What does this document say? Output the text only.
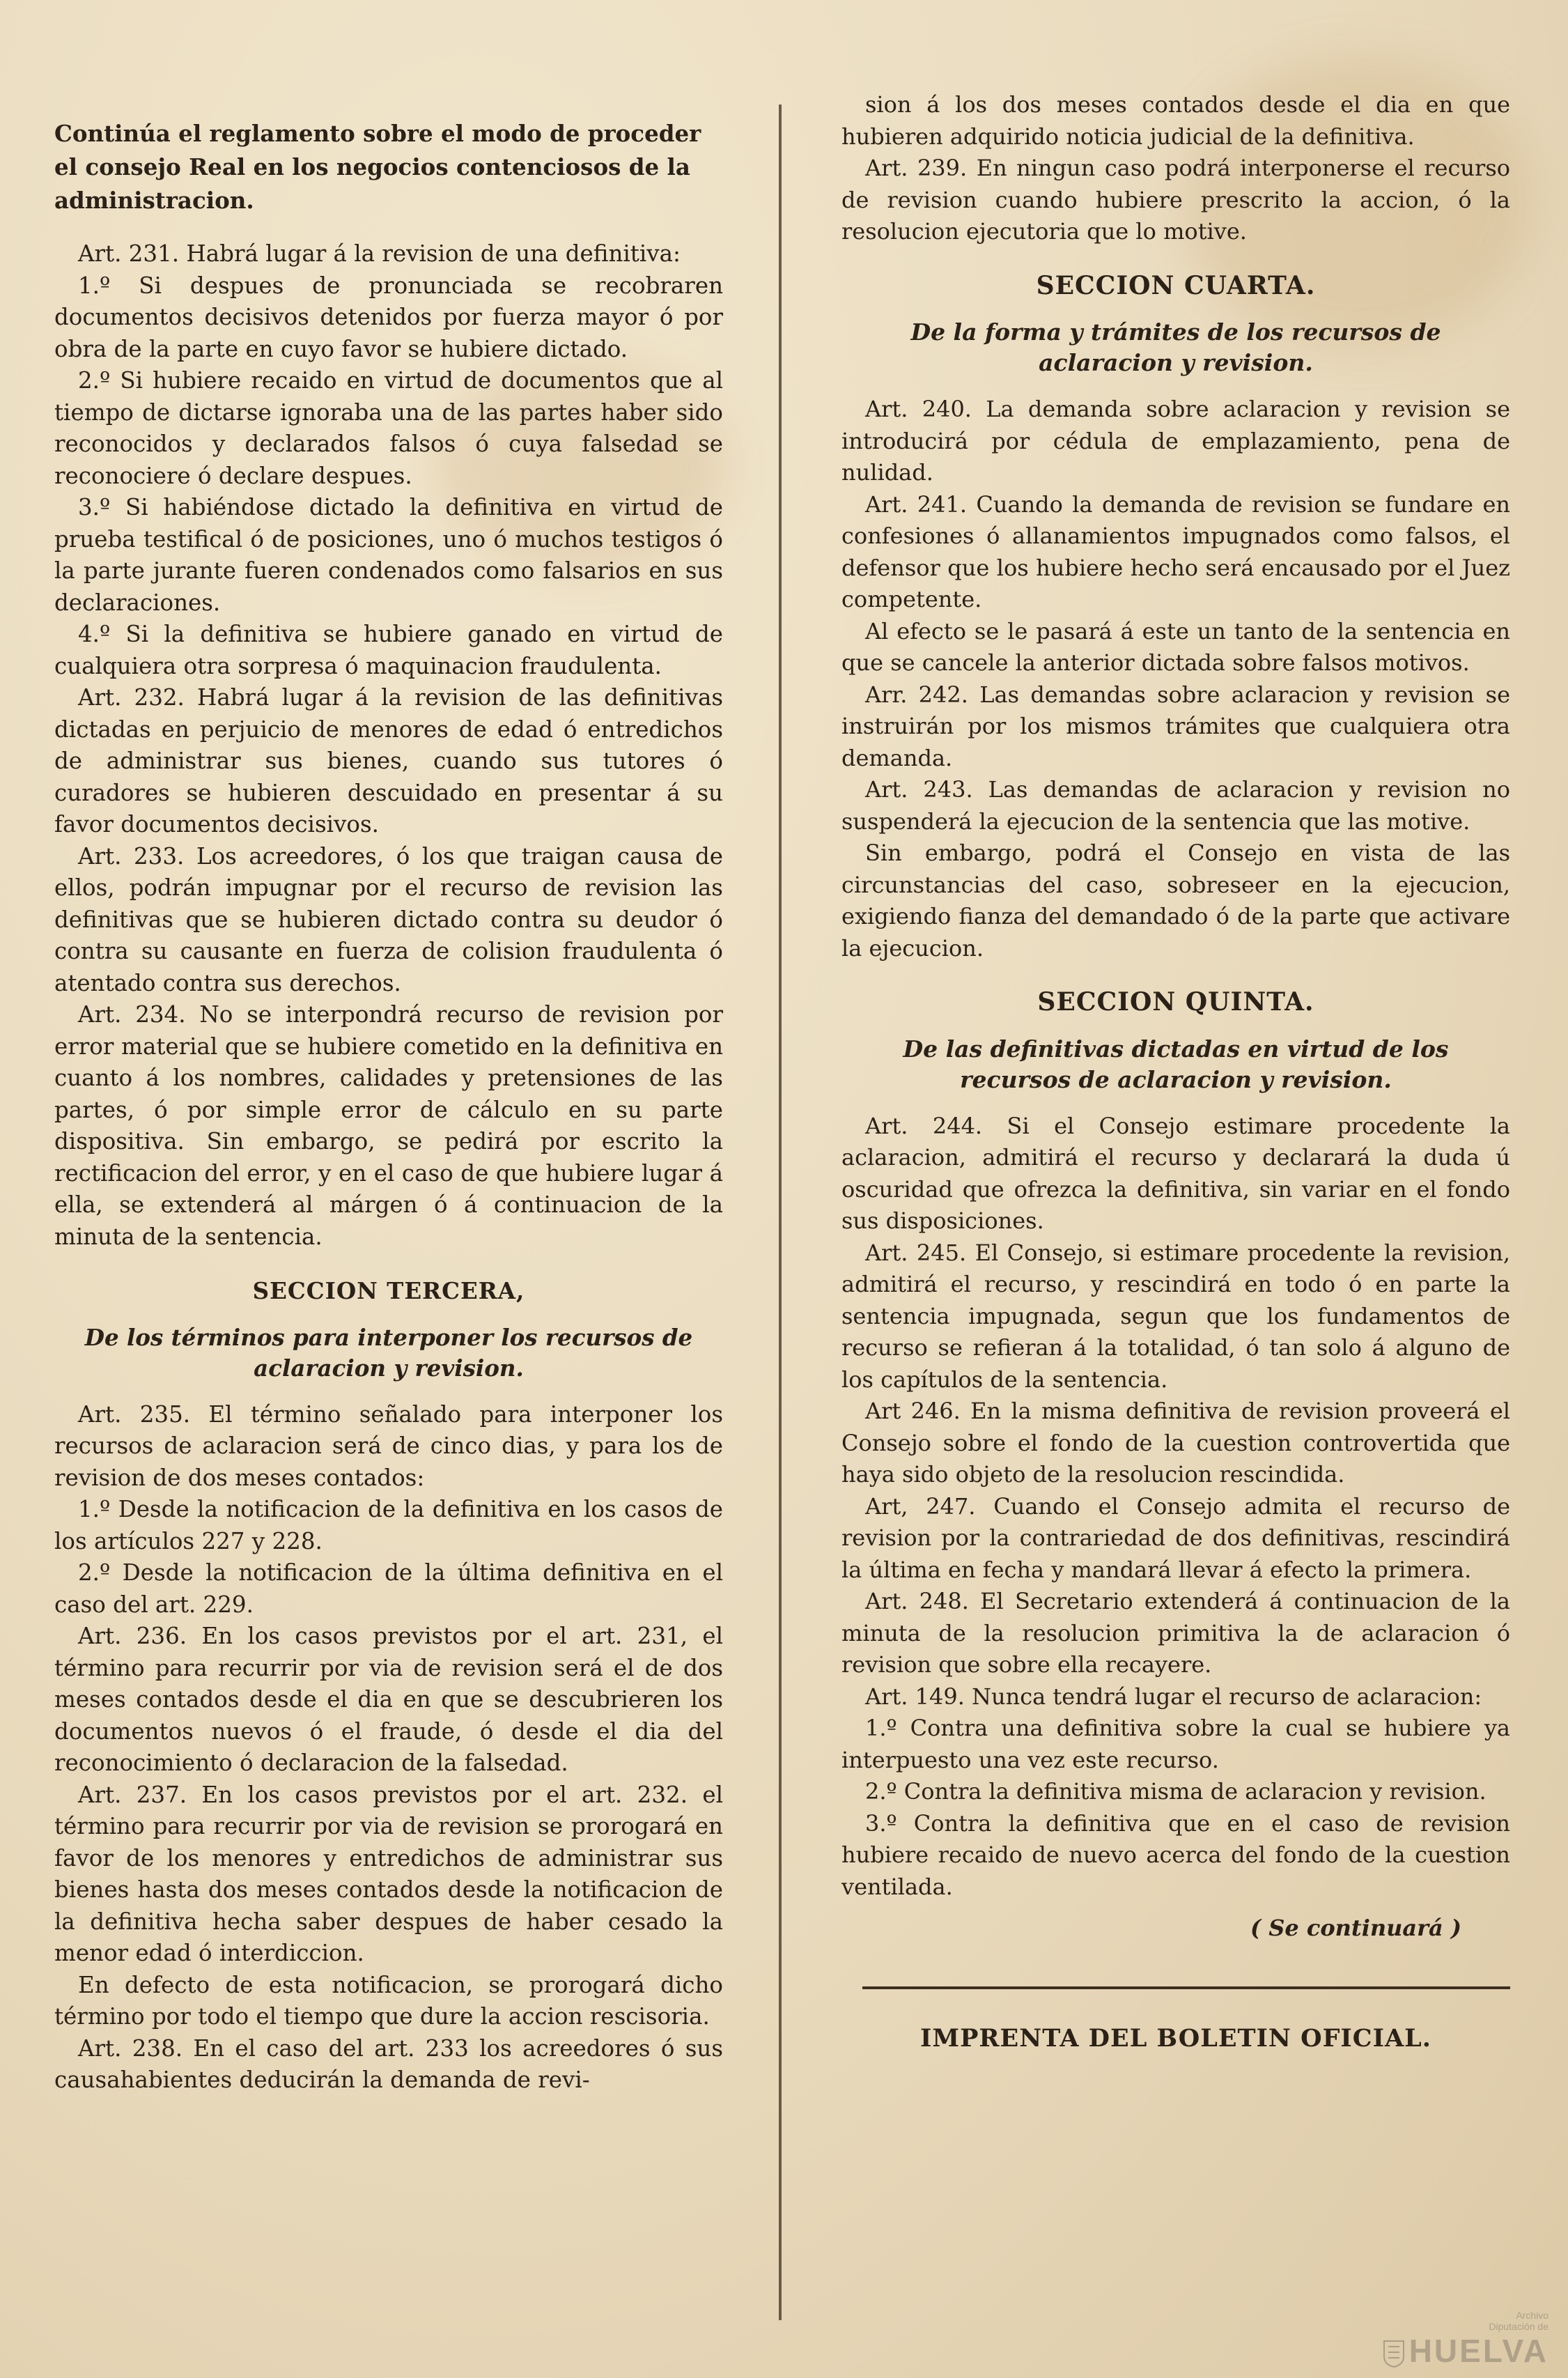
Continúa el reglamento sobre el modo de proceder el consejo Real en los negocios contenciosos de la administracion.

Art. 231. Habrá lugar á la revision de una definitiva:

1.º Si despues de pronunciada se recobraren documentos decisivos detenidos por fuerza mayor ó por obra de la parte en cuyo favor se hubiere dictado.

2.º Si hubiere recaido en virtud de documentos que al tiempo de dictarse ignoraba una de las partes haber sido reconocidos y declarados falsos ó cuya falsedad se reconociere ó declare despues.

3.º Si habiéndose dictado la definitiva en virtud de prueba testifical ó de posiciones, uno ó muchos testigos ó la parte jurante fueren condenados como falsarios en sus declaraciones.

4.º Si la definitiva se hubiere ganado en virtud de cualquiera otra sorpresa ó maquinacion fraudulenta.

Art. 232. Habrá lugar á la revision de las definitivas dictadas en perjuicio de menores de edad ó entredichos de administrar sus bienes, cuando sus tutores ó curadores se hubieren descuidado en presentar á su favor documentos decisivos.

Art. 233. Los acreedores, ó los que traigan causa de ellos, podrán impugnar por el recurso de revision las definitivas que se hubieren dictado contra su deudor ó contra su causante en fuerza de colision fraudulenta ó atentado contra sus derechos.

Art. 234. No se interpondrá recurso de revision por error material que se hubiere cometido en la definitiva en cuanto á los nombres, calidades y pretensiones de las partes, ó por simple error de cálculo en su parte dispositiva. Sin embargo, se pedirá por escrito la rectificacion del error, y en el caso de que hubiere lugar á ella, se extenderá al márgen ó á continuacion de la minuta de la sentencia.

SECCION TERCERA,

De los términos para interponer los recursos de aclaracion y revision.

Art. 235. El término señalado para interponer los recursos de aclaracion será de cinco dias, y para los de revision de dos meses contados:

1.º Desde la notificacion de la definitiva en los casos de los artículos 227 y 228.

2.º Desde la notificacion de la última definitiva en el caso del art. 229.

Art. 236. En los casos previstos por el art. 231, el término para recurrir por via de revision será el de dos meses contados desde el dia en que se descubrieren los documentos nuevos ó el fraude, ó desde el dia del reconocimiento ó declaracion de la falsedad.

Art. 237. En los casos previstos por el art. 232. el término para recurrir por via de revision se prorogará en favor de los menores y entredichos de administrar sus bienes hasta dos meses contados desde la notificacion de la definitiva hecha saber despues de haber cesado la menor edad ó interdiccion.

En defecto de esta notificacion, se prorogará dicho término por todo el tiempo que dure la accion rescisoria.

Art. 238. En el caso del art. 233 los acreedores ó sus causahabientes deducirán la demanda de revi-

sion á los dos meses contados desde el dia en que hubieren adquirido noticia judicial de la definitiva.

Art. 239. En ningun caso podrá interponerse el recurso de revision cuando hubiere prescrito la accion, ó la resolucion ejecutoria que lo motive.

SECCION CUARTA.

De la forma y trámites de los recursos de aclaracion y revision.

Art. 240. La demanda sobre aclaracion y revision se introducirá por cédula de emplazamiento, pena de nulidad.

Art. 241. Cuando la demanda de revision se fundare en confesiones ó allanamientos impugnados como falsos, el defensor que los hubiere hecho será encausado por el Juez competente.

Al efecto se le pasará á este un tanto de la sentencia en que se cancele la anterior dictada sobre falsos motivos.

Arr. 242. Las demandas sobre aclaracion y revision se instruirán por los mismos trámites que cualquiera otra demanda.

Art. 243. Las demandas de aclaracion y revision no suspenderá la ejecucion de la sentencia que las motive.

Sin embargo, podrá el Consejo en vista de las circunstancias del caso, sobreseer en la ejecucion, exigiendo fianza del demandado ó de la parte que activare la ejecucion.

SECCION QUINTA.

De las definitivas dictadas en virtud de los recursos de aclaracion y revision.

Art. 244. Si el Consejo estimare procedente la aclaracion, admitirá el recurso y declarará la duda ú oscuridad que ofrezca la definitiva, sin variar en el fondo sus disposiciones.

Art. 245. El Consejo, si estimare procedente la revision, admitirá el recurso, y rescindirá en todo ó en parte la sentencia impugnada, segun que los fundamentos de recurso se refieran á la totalidad, ó tan solo á alguno de los capítulos de la sentencia.

Art 246. En la misma definitiva de revision proveerá el Consejo sobre el fondo de la cuestion controvertida que haya sido objeto de la resolucion rescindida.

Art, 247. Cuando el Consejo admita el recurso de revision por la contrariedad de dos definitivas, rescindirá la última en fecha y mandará llevar á efecto la primera.

Art. 248. El Secretario extenderá á continuacion de la minuta de la resolucion primitiva la de aclaracion ó revision que sobre ella recayere.

Art. 149. Nunca tendrá lugar el recurso de aclaracion:

1.º Contra una definitiva sobre la cual se hubiere ya interpuesto una vez este recurso.

2.º Contra la definitiva misma de aclaracion y revision.

3.º Contra la definitiva que en el caso de revision hubiere recaido de nuevo acerca del fondo de la cuestion ventilada.

( Se continuará )

IMPRENTA DEL BOLETIN OFICIAL.

Archivo
Diputación de
HUELVA
